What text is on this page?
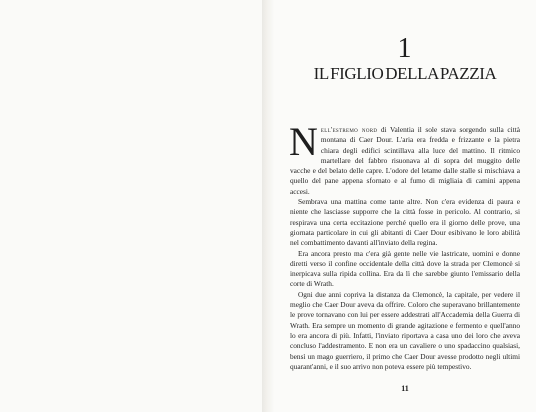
1
IL FIGLIO DELLA PAZZIA

Nell'estremo nord di Valentia il sole stava sorgendo sulla città montana di Caer Dour. L'aria era fredda e frizzante e la pietra chiara degli edifici scintillava alla luce del mattino. Il ritmico martellare del fabbro risuonava al di sopra del muggito delle vacche e del belato delle capre. L'odore del letame dalle stalle si mischiava a quello del pane appena sfornato e al fumo di migliaia di camini appena accesi.

Sembrava una mattina come tante altre. Non c'era evidenza di paura e niente che lasciasse supporre che la città fosse in pericolo. Al contrario, si respirava una certa eccitazione perché quello era il giorno delle prove, una giornata particolare in cui gli abitanti di Caer Dour esibivano le loro abilità nel combattimento davanti all'inviato della regina.

Era ancora presto ma c'era già gente nelle vie lastricate, uomini e donne diretti verso il confine occidentale della città dove la strada per Clemoncè si inerpicava sulla ripida collina. Era da lì che sarebbe giunto l'emissario della corte di Wrath.

Ogni due anni copriva la distanza da Clemoncè, la capitale, per vedere il meglio che Caer Dour aveva da offrire. Coloro che superavano brillantemente le prove tornavano con lui per essere addestrati all'Accademia della Guerra di Wrath. Era sempre un momento di grande agitazione e fermento e quell'anno lo era ancora di più. Infatti, l'inviato riportava a casa uno dei loro che aveva concluso l'addestramento. E non era un cavaliere o uno spadaccino qualsiasi, bensì un mago guerriero, il primo che Caer Dour avesse prodotto negli ultimi quarant'anni, e il suo arrivo non poteva essere più tempestivo.

11
